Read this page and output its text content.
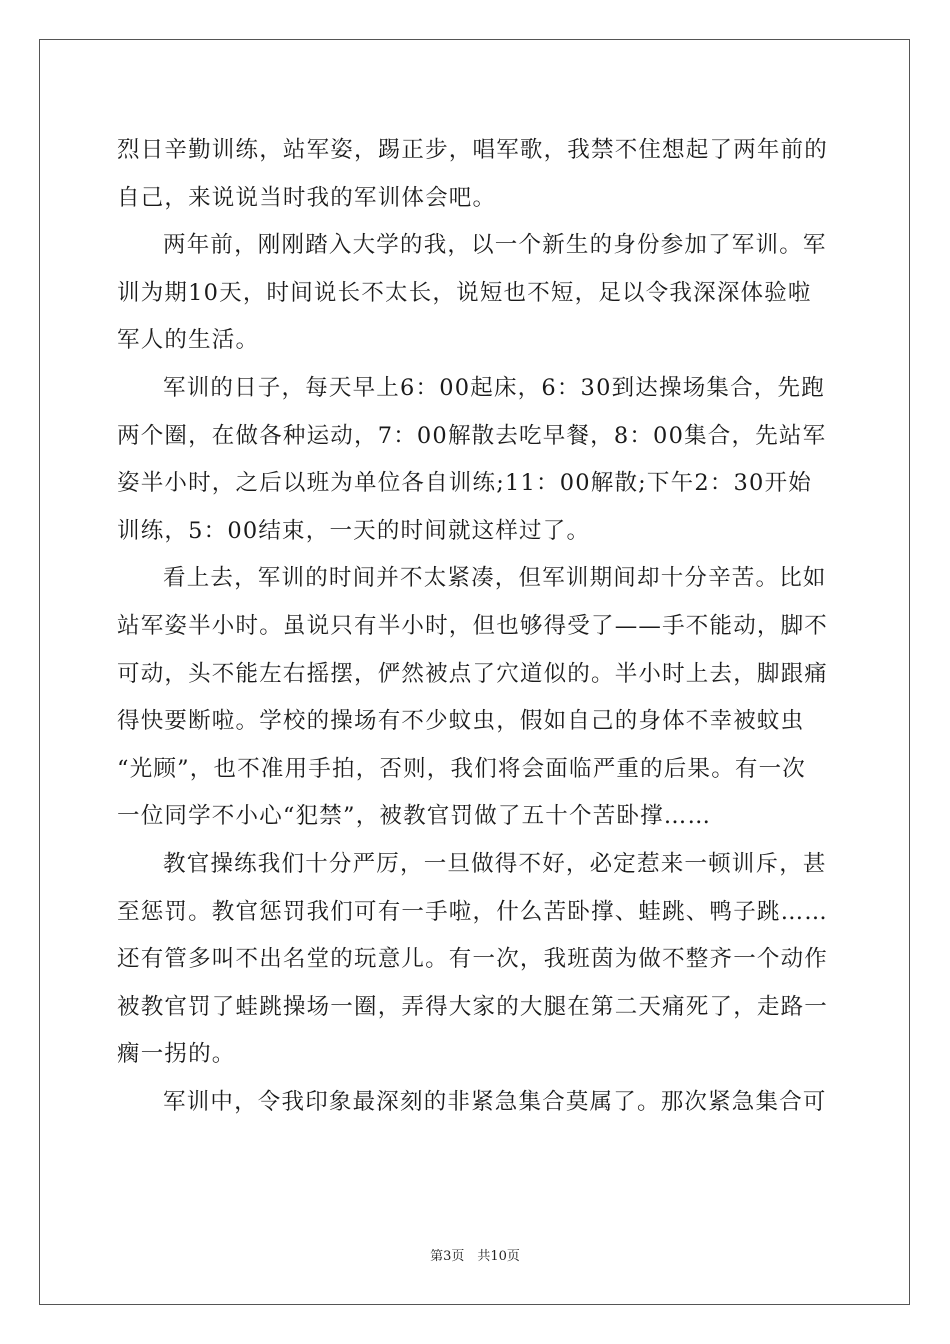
烈日辛勤训练，站军姿，踢正步，唱军歌，我禁不住想起了两年前的
自己，来说说当时我的军训体会吧。
两年前，刚刚踏入大学的我，以一个新生的身份参加了军训。军
训为期10天，时间说长不太长，说短也不短，足以令我深深体验啦
军人的生活。
军训的日子，每天早上6：00起床，6：30到达操场集合，先跑
两个圈，在做各种运动，7：00解散去吃早餐，8：00集合，先站军
姿半小时，之后以班为单位各自训练;11：00解散;下午2：30开始
训练，5：00结束，一天的时间就这样过了。
看上去，军训的时间并不太紧凑，但军训期间却十分辛苦。比如
站军姿半小时。虽说只有半小时，但也够得受了——手不能动，脚不
可动，头不能左右摇摆，俨然被点了穴道似的。半小时上去，脚跟痛
得快要断啦。学校的操场有不少蚊虫，假如自己的身体不幸被蚊虫
“光顾”，也不准用手拍，否则，我们将会面临严重的后果。有一次
一位同学不小心“犯禁”，被教官罚做了五十个苦卧撑……
教官操练我们十分严厉，一旦做得不好，必定惹来一顿训斥，甚
至惩罚。教官惩罚我们可有一手啦，什么苦卧撑、蛙跳、鸭子跳……
还有管多叫不出名堂的玩意儿。有一次，我班茵为做不整齐一个动作
被教官罚了蛙跳操场一圈，弄得大家的大腿在第二天痛死了，走路一
瘸一拐的。
军训中，令我印象最深刻的非紧急集合莫属了。那次紧急集合可
第3页　共10页
